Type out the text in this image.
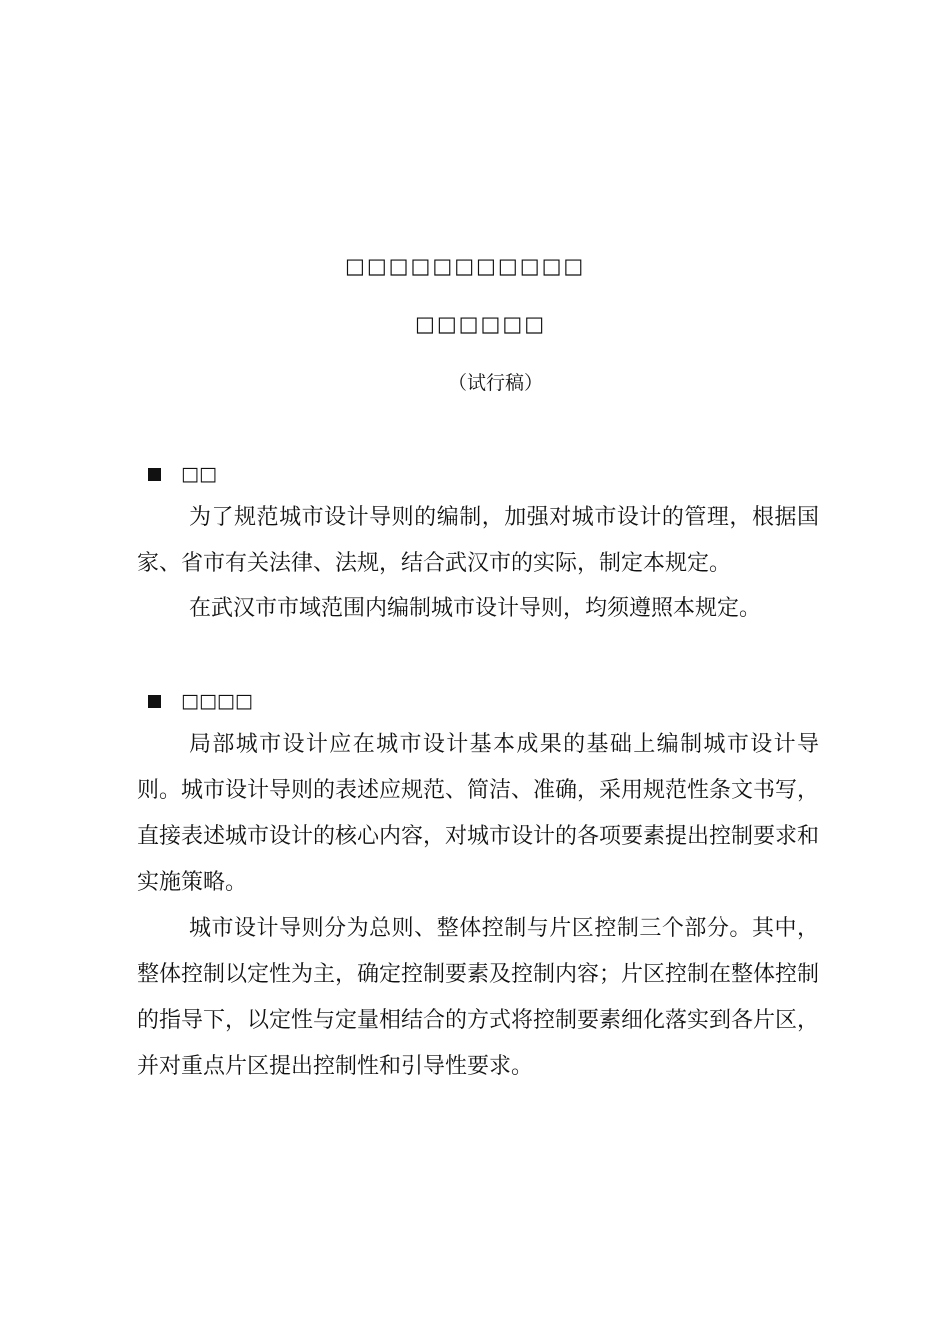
□□□□□□□□□□□
□□□□□□
（试行稿）
□□

为了规范城市设计导则的编制，加强对城市设计的管理，根据国家、省市有关法律、法规，结合武汉市的实际，制定本规定。

在武汉市市域范围内编制城市设计导则，均须遵照本规定。

□□□□

局部城市设计应在城市设计基本成果的基础上编制城市设计导则。城市设计导则的表述应规范、简洁、准确，采用规范性条文书写，直接表述城市设计的核心内容，对城市设计的各项要素提出控制要求和实施策略。

城市设计导则分为总则、整体控制与片区控制三个部分。其中，整体控制以定性为主，确定控制要素及控制内容；片区控制在整体控制的指导下，以定性与定量相结合的方式将控制要素细化落实到各片区，并对重点片区提出控制性和引导性要求。
